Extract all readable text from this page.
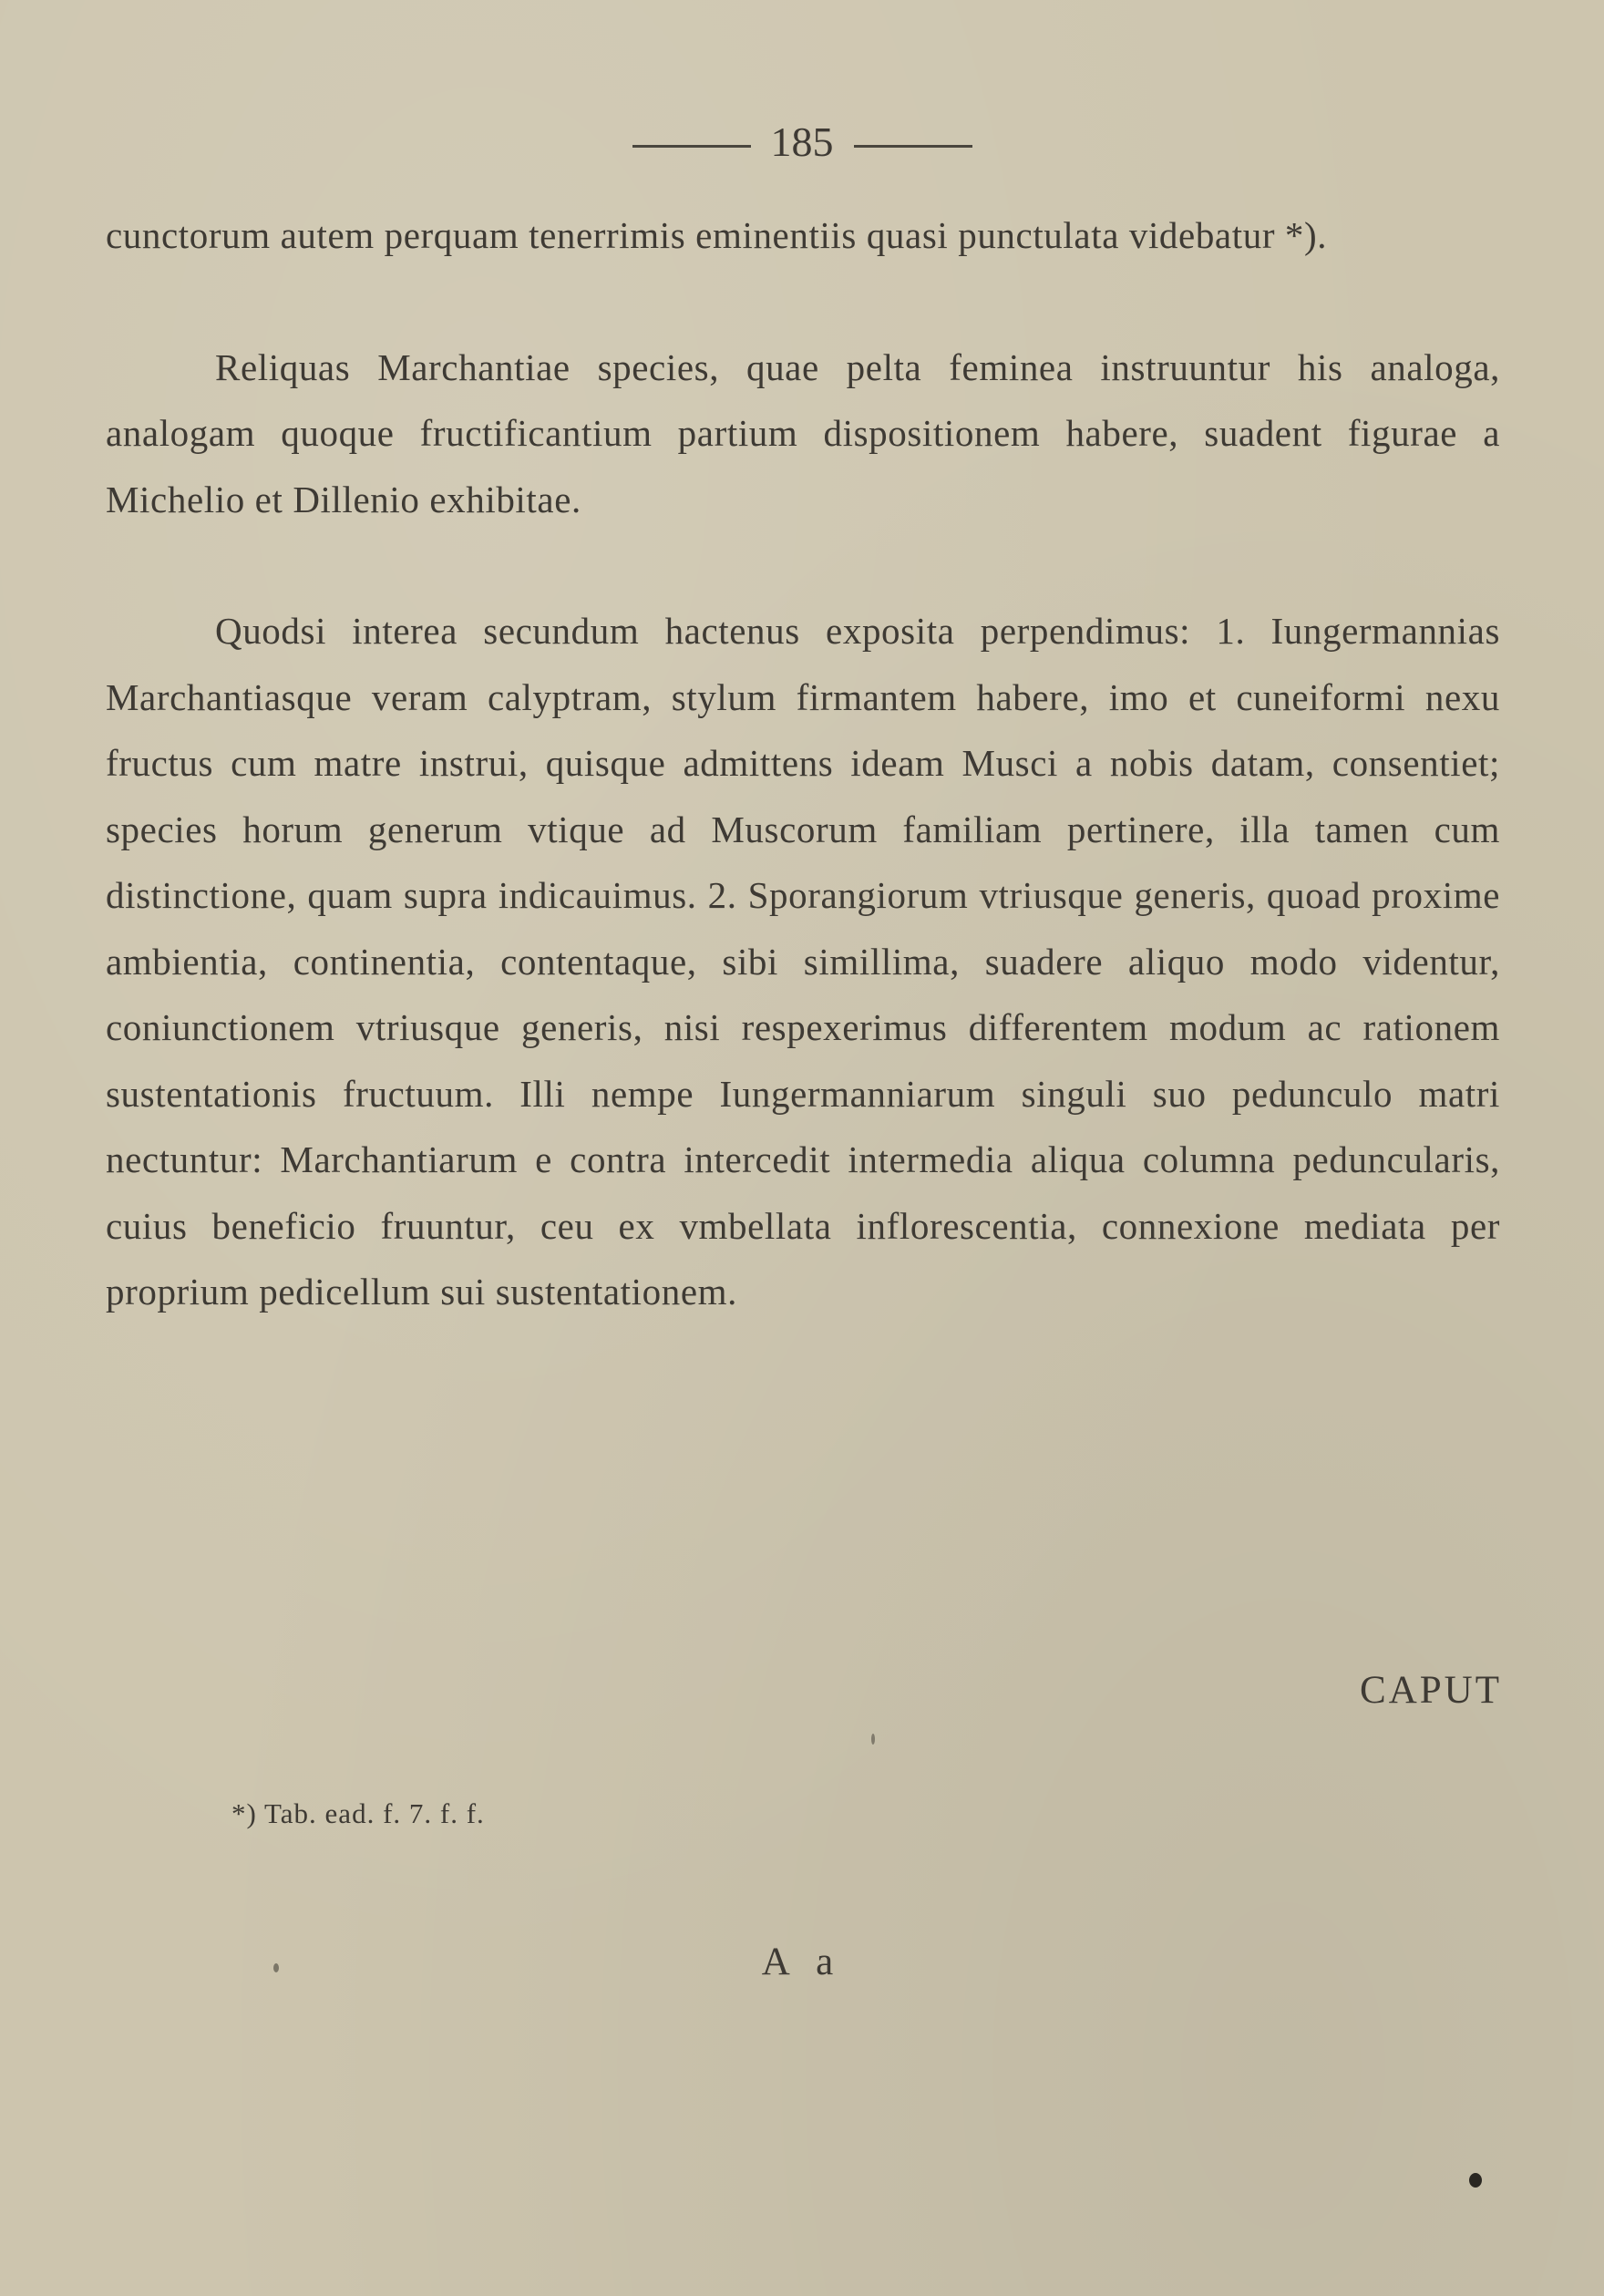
185

cunctorum autem perquam tenerrimis eminentiis quasi punctulata videbatur *).

Reliquas Marchantiae species, quae pelta feminea instruuntur his analoga, analogam quoque fructificantium partium dispositionem habere, suadent figurae a Michelio et Dillenio exhibitae.

Quodsi interea secundum hactenus exposita perpendimus: 1. Iungermannias Marchantiasque veram calyptram, stylum firmantem habere, imo et cuneiformi nexu fructus cum matre instrui, quisque admittens ideam Musci a nobis datam, consentiet; species horum generum vtique ad Muscorum familiam pertinere, illa tamen cum distinctione, quam supra indicauimus. 2. Sporangiorum vtriusque generis, quoad proxime ambientia, continentia, contentaque, sibi simillima, suadere aliquo modo videntur, coniunctionem vtriusque generis, nisi respexerimus differentem modum ac rationem sustentationis fructuum. Illi nempe Iungermanniarum singuli suo pedunculo matri nectuntur: Marchantiarum e contra intercedit intermedia aliqua columna peduncularis, cuius beneficio fruuntur, ceu ex vmbellata inflorescentia, connexione mediata per proprium pedicellum sui sustentationem.

CAPUT
*) Tab. ead. f. 7. f. f.
A a
